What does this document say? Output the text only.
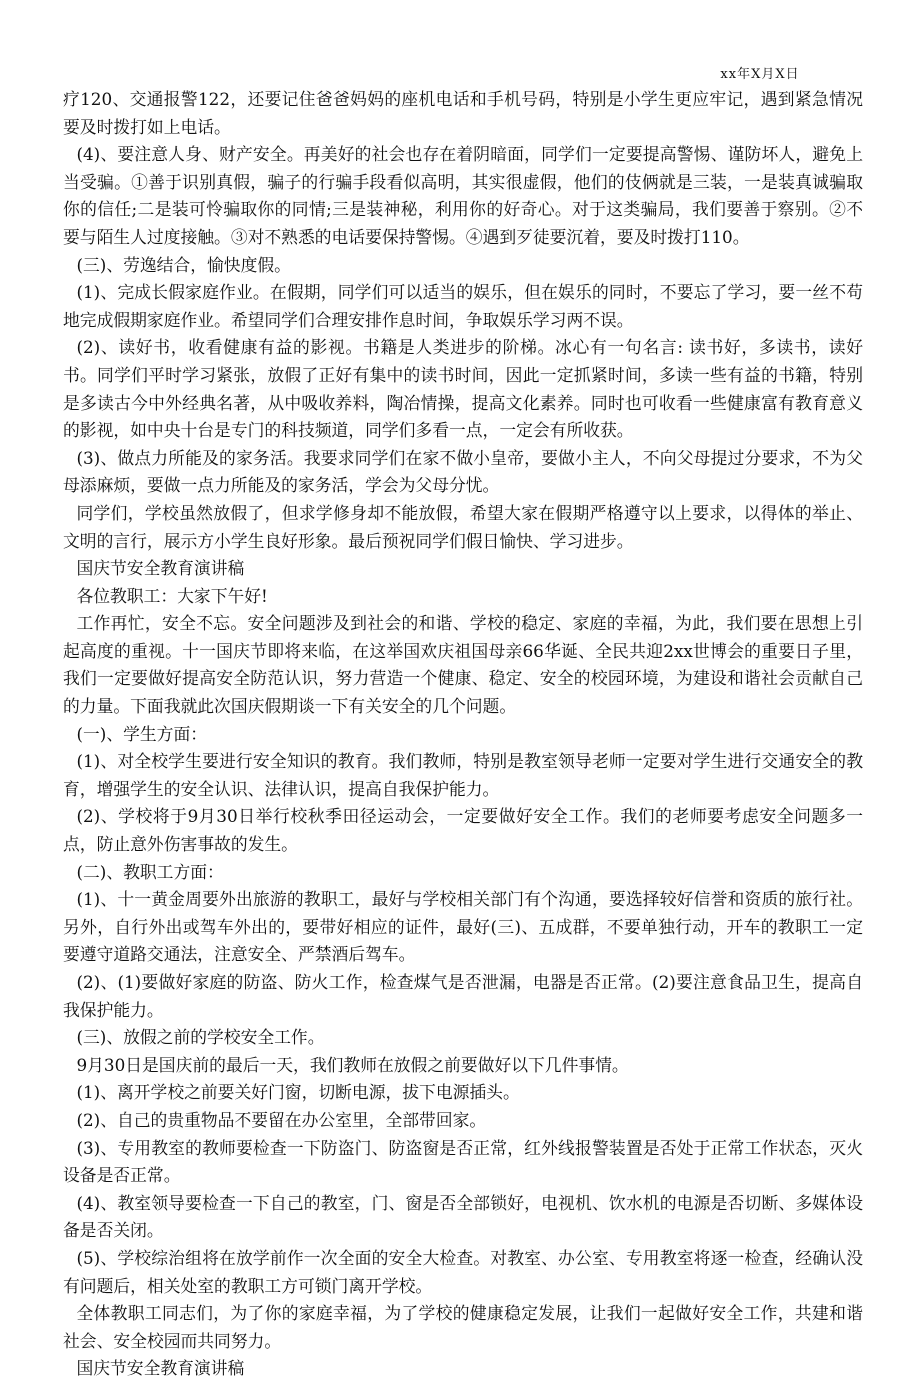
xx年X月X日

疗120、交通报警122，还要记住爸爸妈妈的座机电话和手机号码，特别是小学生更应牢记，遇到紧急情况要及时拨打如上电话。

(4)、要注意人身、财产安全。再美好的社会也存在着阴暗面，同学们一定要提高警惕、谨防坏人，避免上当受骗。①善于识别真假，骗子的行骗手段看似高明，其实很虚假，他们的伎俩就是三装，一是装真诚骗取你的信任;二是装可怜骗取你的同情;三是装神秘，利用你的好奇心。对于这类骗局，我们要善于察别。②不要与陌生人过度接触。③对不熟悉的电话要保持警惕。④遇到歹徒要沉着，要及时拨打110。

(三)、劳逸结合，愉快度假。

(1)、完成长假家庭作业。在假期，同学们可以适当的娱乐，但在娱乐的同时，不要忘了学习，要一丝不苟地完成假期家庭作业。希望同学们合理安排作息时间，争取娱乐学习两不误。

(2)、读好书，收看健康有益的影视。书籍是人类进步的阶梯。冰心有一句名言: 读书好，多读书，读好书。同学们平时学习紧张，放假了正好有集中的读书时间，因此一定抓紧时间，多读一些有益的书籍，特别是多读古今中外经典名著，从中吸收养料，陶冶情操，提高文化素养。同时也可收看一些健康富有教育意义的影视，如中央十台是专门的科技频道，同学们多看一点，一定会有所收获。

(3)、做点力所能及的家务活。我要求同学们在家不做小皇帝，要做小主人，不向父母提过分要求，不为父母添麻烦，要做一点力所能及的家务活，学会为父母分忧。

同学们，学校虽然放假了，但求学修身却不能放假，希望大家在假期严格遵守以上要求，以得体的举止、文明的言行，展示方小学生良好形象。最后预祝同学们假日愉快、学习进步。

国庆节安全教育演讲稿

各位教职工：大家下午好!

工作再忙，安全不忘。安全问题涉及到社会的和谐、学校的稳定、家庭的幸福，为此，我们要在思想上引起高度的重视。十一国庆节即将来临，在这举国欢庆祖国母亲66华诞、全民共迎2xx世博会的重要日子里，我们一定要做好提高安全防范认识，努力营造一个健康、稳定、安全的校园环境，为建设和谐社会贡献自己的力量。下面我就此次国庆假期谈一下有关安全的几个问题。

(一)、学生方面：

(1)、对全校学生要进行安全知识的教育。我们教师，特别是教室领导老师一定要对学生进行交通安全的教育，增强学生的安全认识、法律认识，提高自我保护能力。

(2)、学校将于9月30日举行校秋季田径运动会，一定要做好安全工作。我们的老师要考虑安全问题多一点，防止意外伤害事故的发生。

(二)、教职工方面：

(1)、十一黄金周要外出旅游的教职工，最好与学校相关部门有个沟通，要选择较好信誉和资质的旅行社。另外，自行外出或驾车外出的，要带好相应的证件，最好(三)、五成群，不要单独行动，开车的教职工一定要遵守道路交通法，注意安全、严禁酒后驾车。

(2)、(1)要做好家庭的防盗、防火工作，检查煤气是否泄漏，电器是否正常。(2)要注意食品卫生，提高自我保护能力。

(三)、放假之前的学校安全工作。

9月30日是国庆前的最后一天，我们教师在放假之前要做好以下几件事情。

(1)、离开学校之前要关好门窗，切断电源，拔下电源插头。

(2)、自己的贵重物品不要留在办公室里，全部带回家。

(3)、专用教室的教师要检查一下防盗门、防盗窗是否正常，红外线报警装置是否处于正常工作状态，灭火设备是否正常。

(4)、教室领导要检查一下自己的教室，门、窗是否全部锁好，电视机、饮水机的电源是否切断、多媒体设备是否关闭。

(5)、学校综治组将在放学前作一次全面的安全大检查。对教室、办公室、专用教室将逐一检查，经确认没有问题后，相关处室的教职工方可锁门离开学校。

全体教职工同志们，为了你的家庭幸福，为了学校的健康稳定发展，让我们一起做好安全工作，共建和谐社会、安全校园而共同努力。

国庆节安全教育演讲稿
